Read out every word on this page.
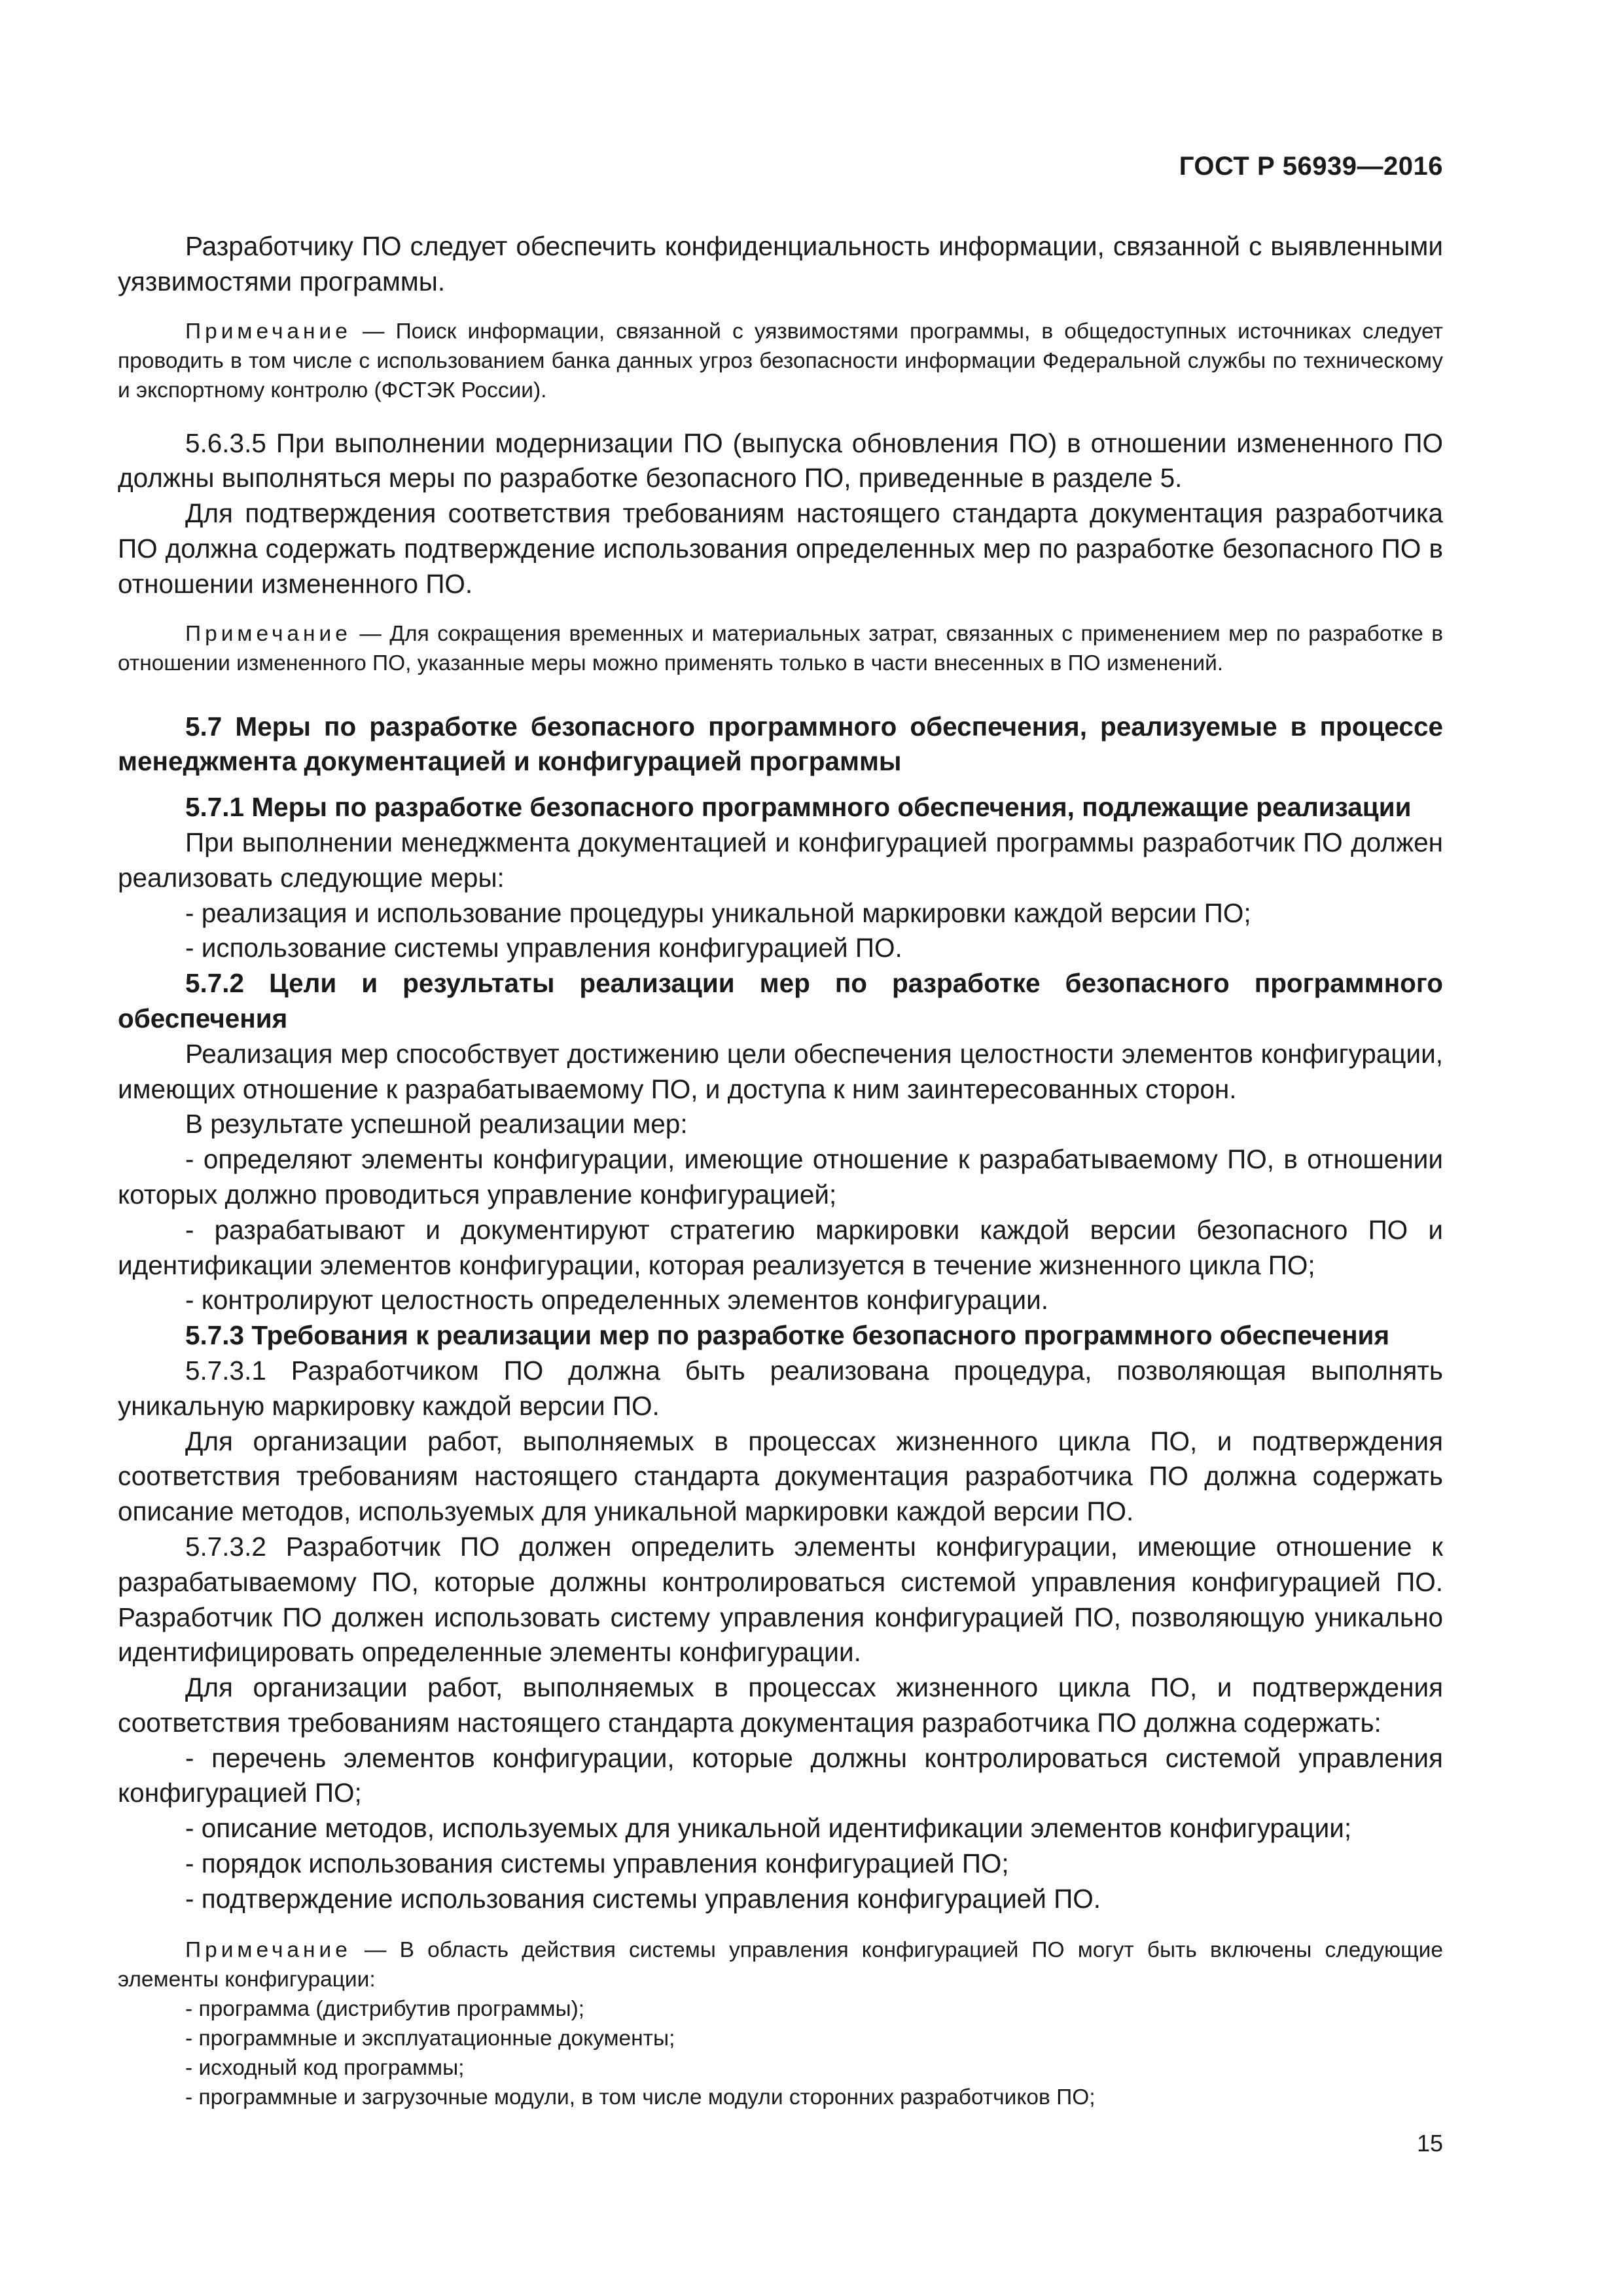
ГОСТ Р 56939—2016

Разработчику ПО следует обеспечить конфиденциальность информации, связанной с выявленными уязвимостями программы.

Примечание — Поиск информации, связанной с уязвимостями программы, в общедоступных источниках следует проводить в том числе с использованием банка данных угроз безопасности информации Федеральной службы по техническому и экспортному контролю (ФСТЭК России).

5.6.3.5 При выполнении модернизации ПО (выпуска обновления ПО) в отношении измененного ПО должны выполняться меры по разработке безопасного ПО, приведенные в разделе 5.

Для подтверждения соответствия требованиям настоящего стандарта документация разработчика ПО должна содержать подтверждение использования определенных мер по разработке безопасного ПО в отношении измененного ПО.

Примечание — Для сокращения временных и материальных затрат, связанных с применением мер по разработке в отношении измененного ПО, указанные меры можно применять только в части внесенных в ПО изменений.
5.7 Меры по разработке безопасного программного обеспечения, реализуемые в процессе менеджмента документацией и конфигурацией программы
5.7.1 Меры по разработке безопасного программного обеспечения, подлежащие реализации

При выполнении менеджмента документацией и конфигурацией программы разработчик ПО должен реализовать следующие меры:

- реализация и использование процедуры уникальной маркировки каждой версии ПО;

- использование системы управления конфигурацией ПО.

5.7.2 Цели и результаты реализации мер по разработке безопасного программного обеспечения

Реализация мер способствует достижению цели обеспечения целостности элементов конфигурации, имеющих отношение к разрабатываемому ПО, и доступа к ним заинтересованных сторон.

В результате успешной реализации мер:

- определяют элементы конфигурации, имеющие отношение к разрабатываемому ПО, в отношении которых должно проводиться управление конфигурацией;

- разрабатывают и документируют стратегию маркировки каждой версии безопасного ПО и идентификации элементов конфигурации, которая реализуется в течение жизненного цикла ПО;

- контролируют целостность определенных элементов конфигурации.

5.7.3 Требования к реализации мер по разработке безопасного программного обеспечения

5.7.3.1 Разработчиком ПО должна быть реализована процедура, позволяющая выполнять уникальную маркировку каждой версии ПО.

Для организации работ, выполняемых в процессах жизненного цикла ПО, и подтверждения соответствия требованиям настоящего стандарта документация разработчика ПО должна содержать описание методов, используемых для уникальной маркировки каждой версии ПО.

5.7.3.2 Разработчик ПО должен определить элементы конфигурации, имеющие отношение к разрабатываемому ПО, которые должны контролироваться системой управления конфигурацией ПО. Разработчик ПО должен использовать систему управления конфигурацией ПО, позволяющую уникально идентифицировать определенные элементы конфигурации.

Для организации работ, выполняемых в процессах жизненного цикла ПО, и подтверждения соответствия требованиям настоящего стандарта документация разработчика ПО должна содержать:

- перечень элементов конфигурации, которые должны контролироваться системой управления конфигурацией ПО;

- описание методов, используемых для уникальной идентификации элементов конфигурации;

- порядок использования системы управления конфигурацией ПО;

- подтверждение использования системы управления конфигурацией ПО.

Примечание — В область действия системы управления конфигурацией ПО могут быть включены следующие элементы конфигурации:

- программа (дистрибутив программы);

- программные и эксплуатационные документы;

- исходный код программы;

- программные и загрузочные модули, в том числе модули сторонних разработчиков ПО;

15
